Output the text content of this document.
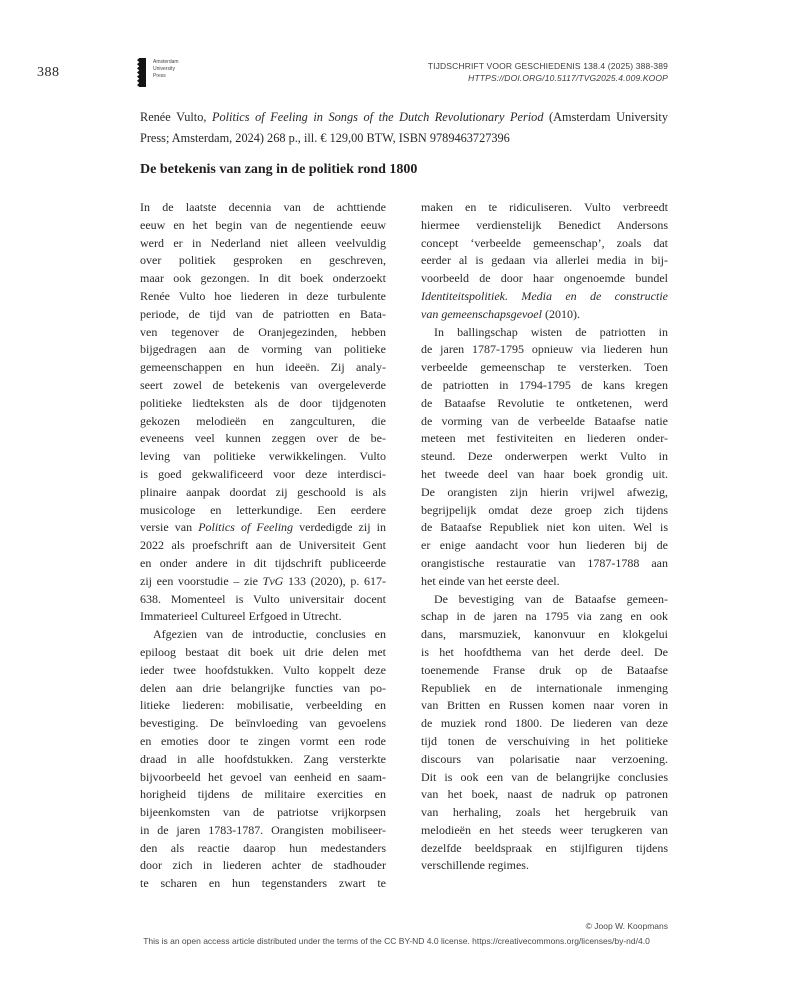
388
Amsterdam
University
Press
TIJDSCHRIFT VOOR GESCHIEDENIS 138.4 (2025) 388-389
HTTPS://DOI.ORG/10.5117/TVG2025.4.009.KOOP
Renée Vulto, Politics of Feeling in Songs of the Dutch Revolutionary Period (Amsterdam University
Press; Amsterdam, 2024) 268 p., ill. € 129,00 BTW, ISBN 9789463727396
De betekenis van zang in de politiek rond 1800
In de laatste decennia van de achttiende
eeuw en het begin van de negentiende eeuw
werd er in Nederland niet alleen veelvuldig
over politiek gesproken en geschreven,
maar ook gezongen. In dit boek onderzoekt
Renée Vulto hoe liederen in deze turbulente
periode, de tijd van de patriotten en Bata-
ven tegenover de Oranjegezinden, hebben
bijgedragen aan de vorming van politieke
gemeenschappen en hun ideeën. Zij analy-
seert zowel de betekenis van overgeleverde
politieke liedteksten als de door tijdgenoten
gekozen melodieën en zangculturen, die
eveneens veel kunnen zeggen over de be-
leving van politieke verwikkelingen. Vulto
is goed gekwalificeerd voor deze interdisci-
plinaire aanpak doordat zij geschoold is als
musicologe en letterkundige. Een eerdere
versie van Politics of Feeling verdedigde zij in
2022 als proefschrift aan de Universiteit Gent
en onder andere in dit tijdschrift publiceerde
zij een voorstudie – zie TvG 133 (2020), p. 617-
638. Momenteel is Vulto universitair docent
Immaterieel Cultureel Erfgoed in Utrecht.
Afgezien van de introductie, conclusies en
epiloog bestaat dit boek uit drie delen met
ieder twee hoofdstukken. Vulto koppelt deze
delen aan drie belangrijke functies van po-
litieke liederen: mobilisatie, verbeelding en
bevestiging. De beïnvloeding van gevoelens
en emoties door te zingen vormt een rode
draad in alle hoofdstukken. Zang versterkte
bijvoorbeeld het gevoel van eenheid en saam-
horigheid tijdens de militaire exercities en
bijeenkomsten van de patriotse vrijkorpsen
in de jaren 1783-1787. Orangisten mobiliseer-
den als reactie daarop hun medestanders
door zich in liederen achter de stadhouder
te scharen en hun tegenstanders zwart te
maken en te ridiculiseren. Vulto verbreedt
hiermee verdienstelijk Benedict Andersons
concept ‘verbeelde gemeenschap’, zoals dat
eerder al is gedaan via allerlei media in bij-
voorbeeld de door haar ongenoemde bundel
Identiteitspolitiek. Media en de constructie
van gemeenschapsgevoel (2010).
In ballingschap wisten de patriotten in
de jaren 1787-1795 opnieuw via liederen hun
verbeelde gemeenschap te versterken. Toen
de patriotten in 1794-1795 de kans kregen
de Bataafse Revolutie te ontketenen, werd
de vorming van de verbeelde Bataafse natie
meteen met festiviteiten en liederen onder-
steund. Deze onderwerpen werkt Vulto in
het tweede deel van haar boek grondig uit.
De orangisten zijn hierin vrijwel afwezig,
begrijpelijk omdat deze groep zich tijdens
de Bataafse Republiek niet kon uiten. Wel is
er enige aandacht voor hun liederen bij de
orangistische restauratie van 1787-1788 aan
het einde van het eerste deel.
De bevestiging van de Bataafse gemeen-
schap in de jaren na 1795 via zang en ook
dans, marsmuziek, kanonvuur en klokgelui
is het hoofdthema van het derde deel. De
toenemende Franse druk op de Bataafse
Republiek en de internationale inmenging
van Britten en Russen komen naar voren in
de muziek rond 1800. De liederen van deze
tijd tonen de verschuiving in het politieke
discours van polarisatie naar verzoening.
Dit is ook een van de belangrijke conclusies
van het boek, naast de nadruk op patronen
van herhaling, zoals het hergebruik van
melodieën en het steeds weer terugkeren van
dezelfde beeldspraak en stijlfiguren tijdens
verschillende regimes.
© Joop W. Koopmans
This is an open access article distributed under the terms of the CC BY-ND 4.0 license. https://creativecommons.org/licenses/by-nd/4.0
